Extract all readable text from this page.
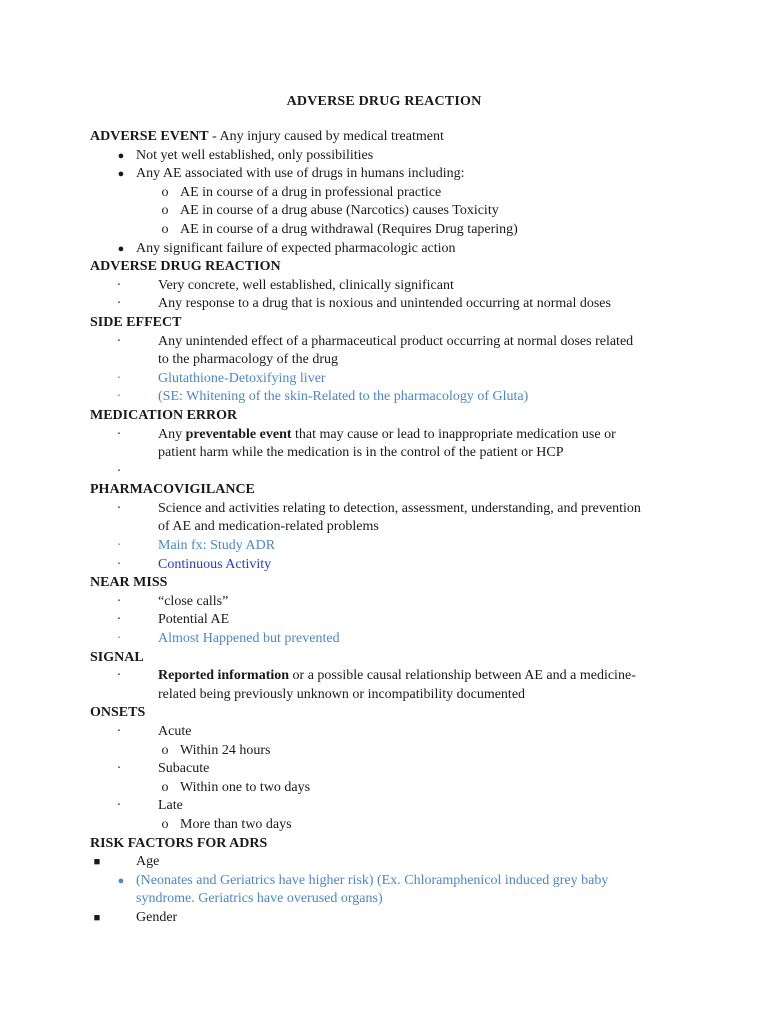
ADVERSE DRUG REACTION
ADVERSE EVENT - Any injury caused by medical treatment
● Not yet well established, only possibilities
● Any AE associated with use of drugs in humans including:
o AE in course of a drug in professional practice
o AE in course of a drug abuse (Narcotics) causes Toxicity
o AE in course of a drug withdrawal (Requires Drug tapering)
● Any significant failure of expected pharmacologic action
ADVERSE DRUG REACTION
·	Very concrete, well established, clinically significant
·	Any response to a drug that is noxious and unintended occurring at normal doses
SIDE EFFECT
·	Any unintended effect of a pharmaceutical product occurring at normal doses related
to the pharmacology of the drug
·	Glutathione-Detoxifying liver
·	(SE: Whitening of the skin-Related to the pharmacology of Gluta)
MEDICATION ERROR
·	Any preventable event that may cause or lead to inappropriate medication use or
patient harm while the medication is in the control of the patient or HCP
·
PHARMACOVIGILANCE
·	Science and activities relating to detection, assessment, understanding, and prevention
of AE and medication-related problems
·	Main fx: Study ADR
·	Continuous Activity
NEAR MISS
·	“close calls”
·	Potential AE
·	Almost Happened but prevented
SIGNAL
·	Reported information or a possible causal relationship between AE and a medicine-
related being previously unknown or incompatibility documented
ONSETS
·	Acute
o Within 24 hours
·	Subacute
o Within one to two days
·	Late
o More than two days
RISK FACTORS FOR ADRS
■	Age
● (Neonates and Geriatrics have higher risk) (Ex. Chloramphenicol induced grey baby
syndrome. Geriatrics have overused organs)
■	Gender
